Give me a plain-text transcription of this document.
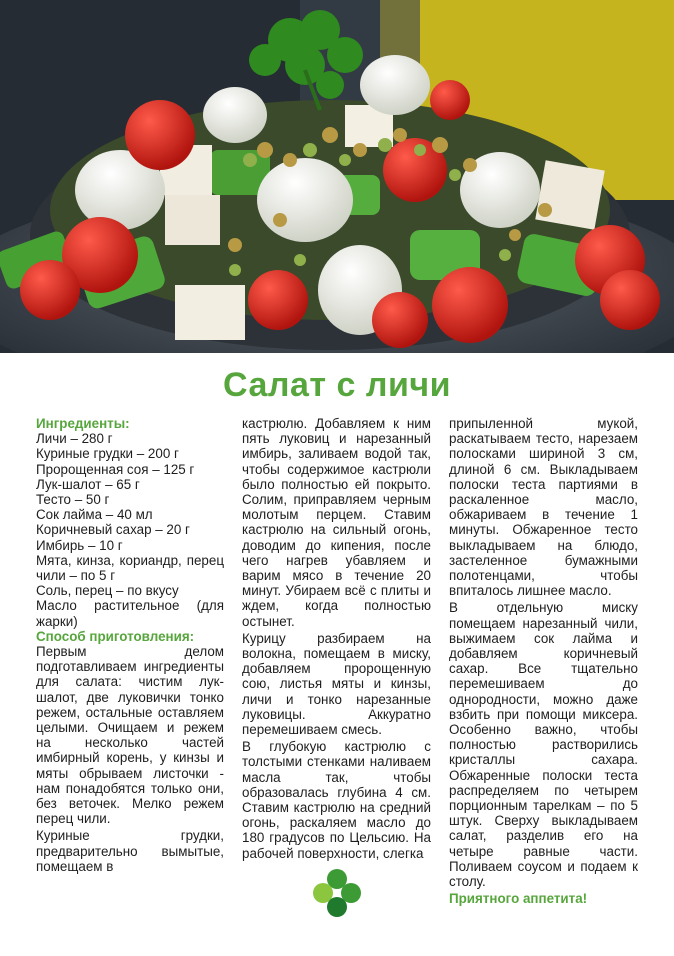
Салат с личи
Ингредиенты:
Личи – 280 г
Куриные грудки – 200 г
Пророщенная соя – 125 г
Лук-шалот – 65 г
Тесто – 50 г
Сок лайма – 40 мл
Коричневый сахар – 20 г
Имбирь – 10 г
Мята, кинза, кориандр, перец чили – по 5 г
Соль, перец – по вкусу
Масло растительное (для жарки)
Способ приготовления:

Первым делом подготавливаем ингредиенты для салата: чистим лук-шалот, две луковички тонко режем, остальные оставляем целыми. Очищаем и режем на несколько частей имбирный корень, у кинзы и мяты обрываем листочки - нам понадобятся только они, без веточек. Мелко режем перец чили.

Куриные грудки, предварительно вымытые, помещаем в

кастрюлю. Добавляем к ним пять луковиц и нарезанный имбирь, заливаем водой так, чтобы содержимое кастрюли было полностью ей покрыто. Солим, приправляем черным молотым перцем. Ставим кастрюлю на сильный огонь, доводим до кипения, после чего нагрев убавляем и варим мясо в течение 20 минут. Убираем всё с плиты и ждем, когда полностью остынет.

Курицу разбираем на волокна, помещаем в миску, добавляем пророщенную сою, листья мяты и кинзы, личи и тонко нарезанные луковицы. Аккуратно перемешиваем смесь.

В глубокую кастрюлю с толстыми стенками наливаем масла так, чтобы образовалась глубина 4 см. Ставим кастрюлю на средний огонь, раскаляем масло до 180 градусов по Цельсию. На рабочей поверхности, слегка

припыленной мукой, раскатываем тесто, нарезаем полосками шириной 3 см, длиной 6 см. Выкладываем полоски теста партиями в раскаленное масло, обжариваем в течение 1 минуты. Обжаренное тесто выкладываем на блюдо, застеленное бумажными полотенцами, чтобы впиталось лишнее масло.

В отдельную миску помещаем нарезанный чили, выжимаем сок лайма и добавляем коричневый сахар. Все тщательно перемешиваем до однородности, можно даже взбить при помощи миксера. Особенно важно, чтобы полностью растворились кристаллы сахара. Обжаренные полоски теста распределяем по четырем порционным тарелкам – по 5 штук. Сверху выкладываем салат, разделив его на четыре равные части. Поливаем соусом и подаем к столу.

Приятного аппетита!
